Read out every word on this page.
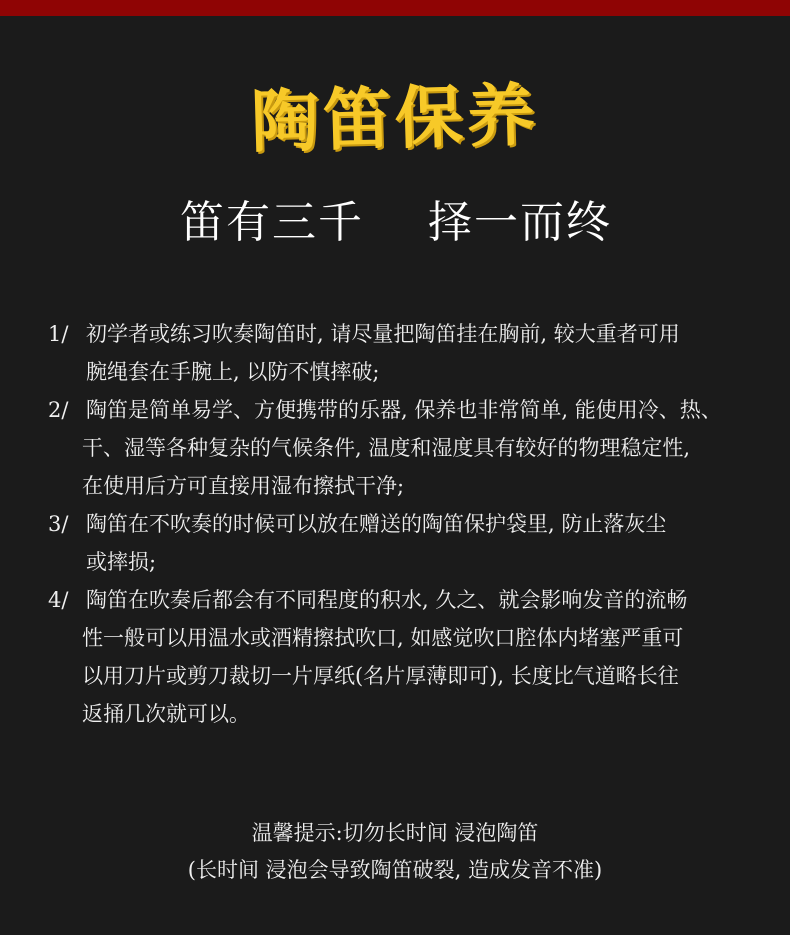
陶笛保养
笛有三千	择一而终
1/ 初学者或练习吹奏陶笛时, 请尽量把陶笛挂在胸前, 较大重者可用
腕绳套在手腕上, 以防不慎摔破;
2/ 陶笛是简单易学、方便携带的乐器, 保养也非常简单, 能使用冷、热、
干、湿等各种复杂的气候条件, 温度和湿度具有较好的物理稳定性,
在使用后方可直接用湿布擦拭干净;
3/ 陶笛在不吹奏的时候可以放在赠送的陶笛保护袋里, 防止落灰尘
或摔损;
4/ 陶笛在吹奏后都会有不同程度的积水, 久之、就会影响发音的流畅
性一般可以用温水或酒精擦拭吹口, 如感觉吹口腔体内堵塞严重可
以用刀片或剪刀裁切一片厚纸(名片厚薄即可), 长度比气道略长往
返捅几次就可以。
温馨提示:切勿长时间 浸泡陶笛
(长时间 浸泡会导致陶笛破裂, 造成发音不准)
